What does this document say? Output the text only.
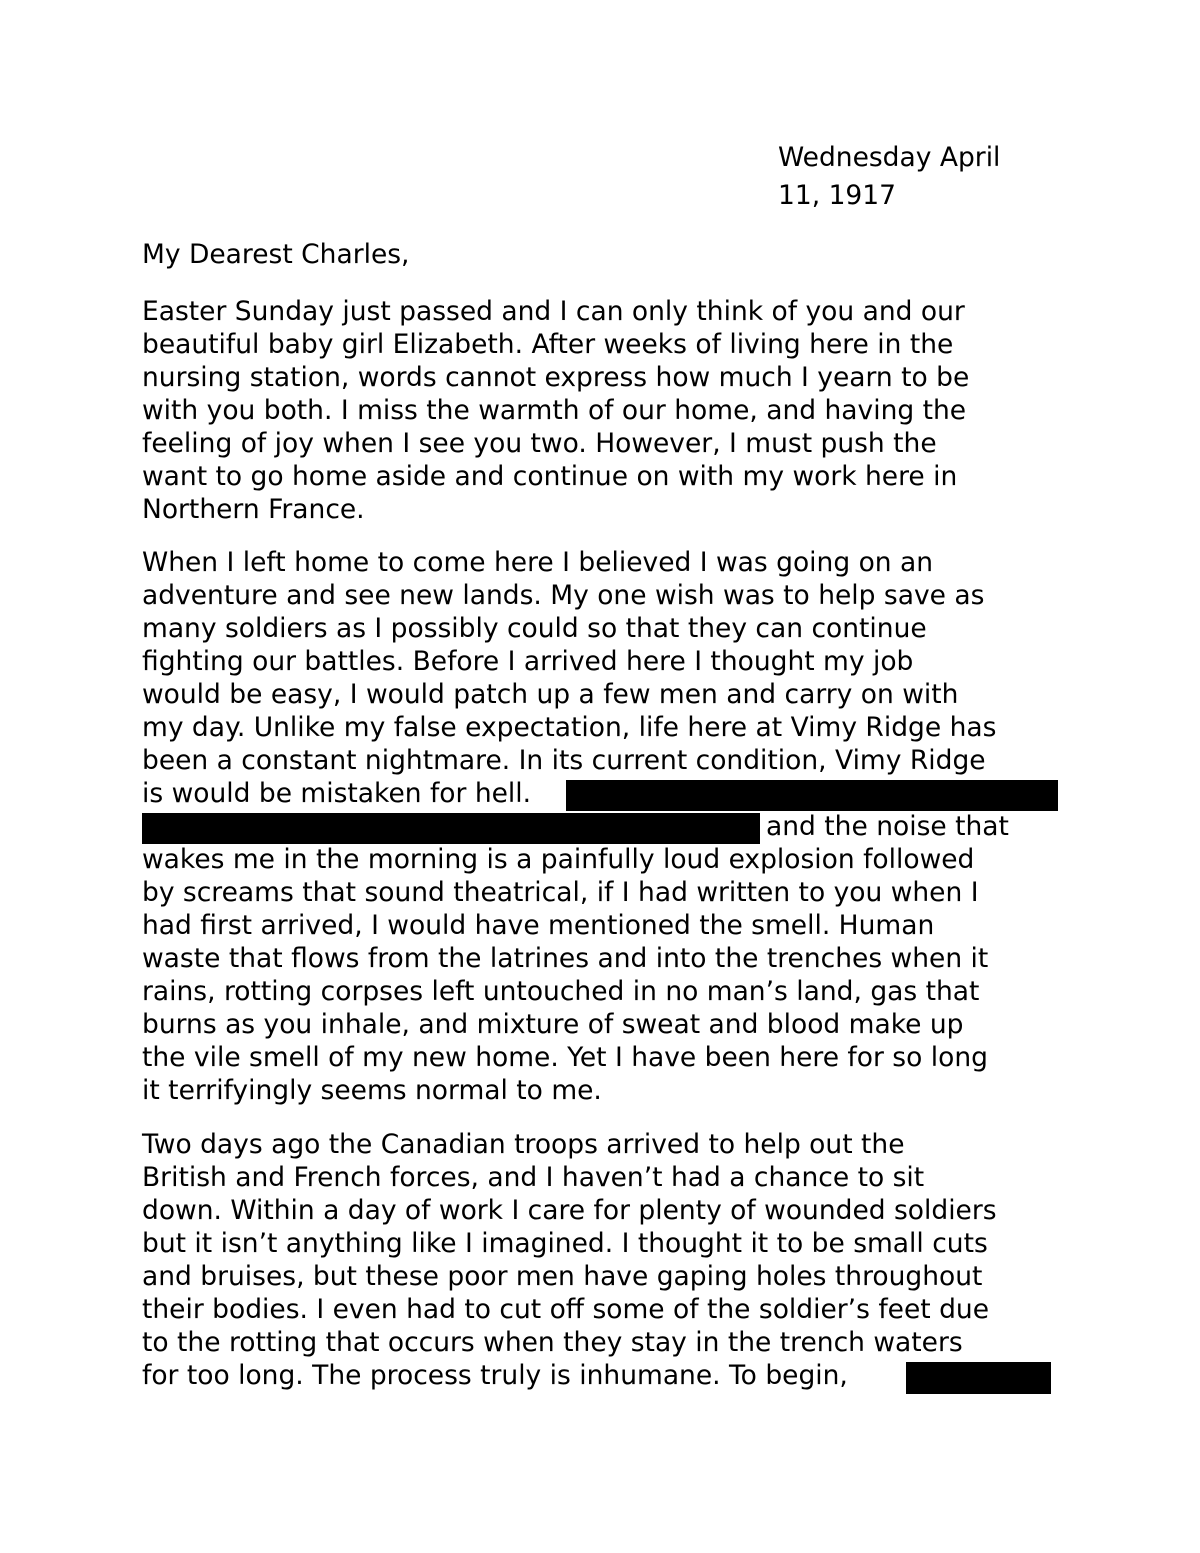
Wednesday April
11, 1917
My Dearest Charles,
Easter Sunday just passed and I can only think of you and our
beautiful baby girl Elizabeth. After weeks of living here in the
nursing station, words cannot express how much I yearn to be
with you both. I miss the warmth of our home, and having the
feeling of joy when I see you two. However, I must push the
want to go home aside and continue on with my work here in
Northern France.
When I left home to come here I believed I was going on an
adventure and see new lands. My one wish was to help save as
many soldiers as I possibly could so that they can continue
fighting our battles. Before I arrived here I thought my job
would be easy, I would patch up a few men and carry on with
my day. Unlike my false expectation, life here at Vimy Ridge has
been a constant nightmare. In its current condition, Vimy Ridge
is would be mistaken for hell.
and the noise that
wakes me in the morning is a painfully loud explosion followed
by screams that sound theatrical, if I had written to you when I
had first arrived, I would have mentioned the smell. Human
waste that flows from the latrines and into the trenches when it
rains, rotting corpses left untouched in no man’s land, gas that
burns as you inhale, and mixture of sweat and blood make up
the vile smell of my new home. Yet I have been here for so long
it terrifyingly seems normal to me.
Two days ago the Canadian troops arrived to help out the
British and French forces, and I haven’t had a chance to sit
down. Within a day of work I care for plenty of wounded soldiers
but it isn’t anything like I imagined. I thought it to be small cuts
and bruises, but these poor men have gaping holes throughout
their bodies. I even had to cut off some of the soldier’s feet due
to the rotting that occurs when they stay in the trench waters
for too long. The process truly is inhumane. To begin,
